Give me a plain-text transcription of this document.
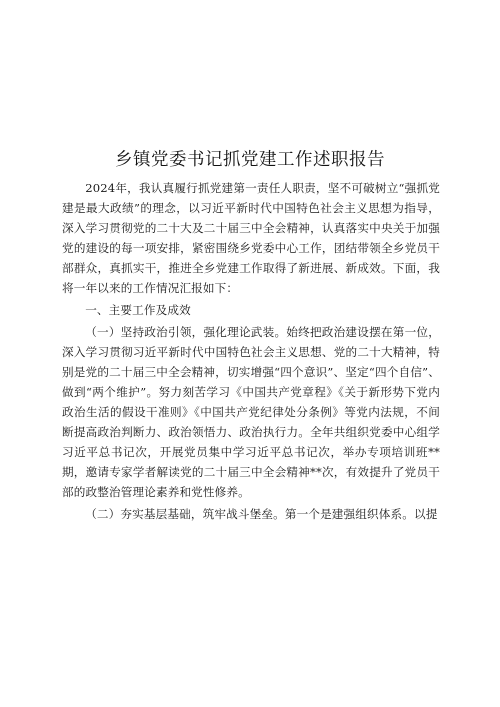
乡镇党委书记抓党建工作述职报告

2024年，我认真履行抓党建第一责任人职责，坚不可破树立“强抓党建是最大政绩”的理念，以习近平新时代中国特色社会主义思想为指导，深入学习贯彻党的二十大及二十届三中全会精神，认真落实中央关于加强党的建设的每一项安排，紧密围绕乡党委中心工作，团结带领全乡党员干部群众，真抓实干，推进全乡党建工作取得了新进展、新成效。下面，我将一年以来的工作情况汇报如下：

一、主要工作及成效

（一）坚持政治引领，强化理论武装。始终把政治建设摆在第一位，深入学习贯彻习近平新时代中国特色社会主义思想、党的二十大精神，特别是党的二十届三中全会精神，切实增强“四个意识”、坚定“四个自信”、做到“两个维护”。努力刻苦学习《中国共产党章程》《关于新形势下党内政治生活的假设干准则》《中国共产党纪律处分条例》等党内法规，不间断提高政治判断力、政治领悟力、政治执行力。全年共组织党委中心组学习近平总书记次，开展党员集中学习近平总书记次，举办专项培训班**期，邀请专家学者解读党的二十届三中全会精神**次，有效提升了党员干部的政整治管理论素养和党性修养。

（二）夯实基层基础，筑牢战斗堡垒。第一个是建强组织体系。以提
